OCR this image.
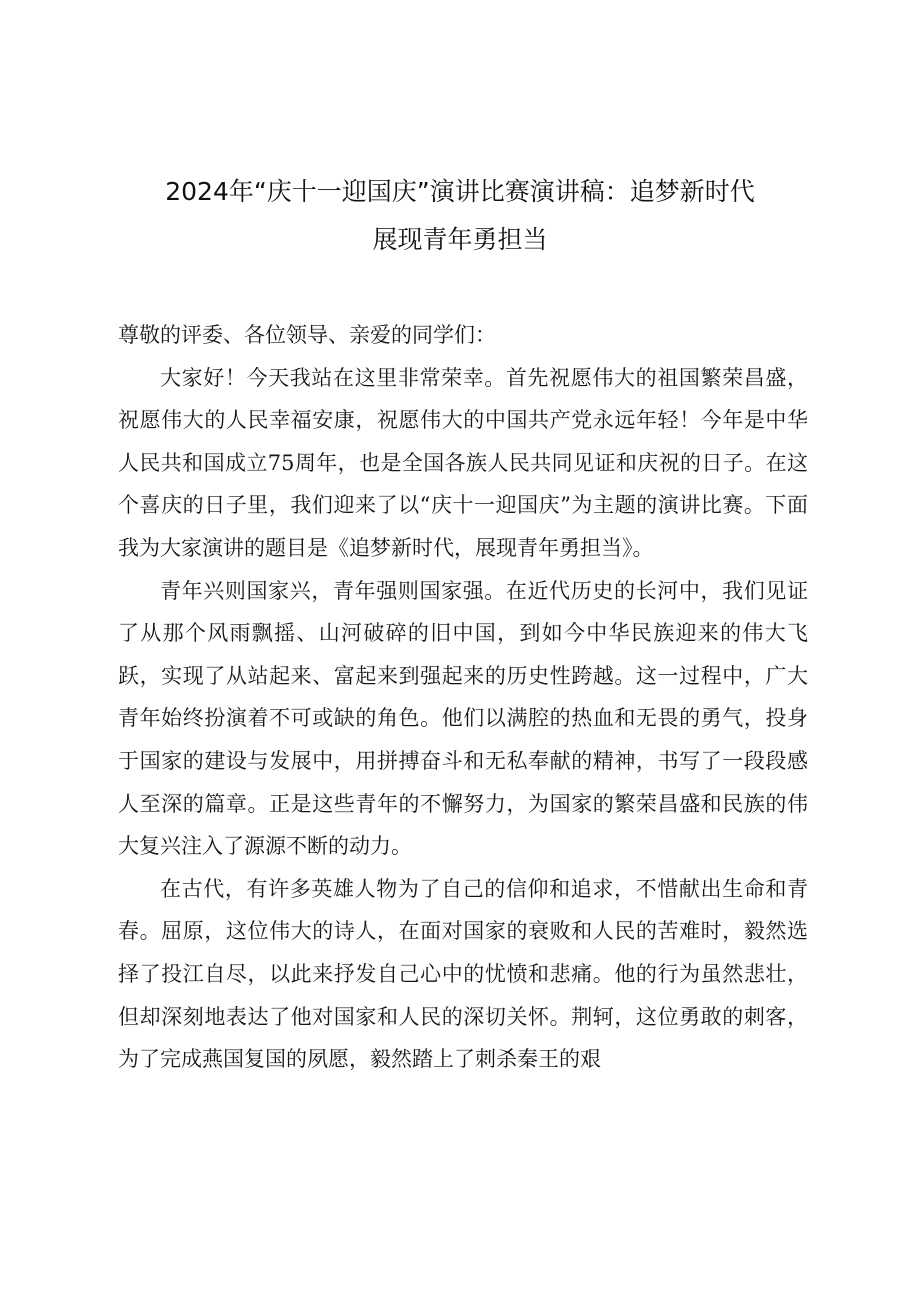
2024年“庆十一迎国庆”演讲比赛演讲稿：追梦新时代
展现青年勇担当

尊敬的评委、各位领导、亲爱的同学们：

大家好！今天我站在这里非常荣幸。首先祝愿伟大的祖国繁荣昌盛，祝愿伟大的人民幸福安康，祝愿伟大的中国共产党永远年轻！今年是中华人民共和国成立75周年，也是全国各族人民共同见证和庆祝的日子。在这个喜庆的日子里，我们迎来了以“庆十一迎国庆”为主题的演讲比赛。下面我为大家演讲的题目是《追梦新时代，展现青年勇担当》。

青年兴则国家兴，青年强则国家强。在近代历史的长河中，我们见证了从那个风雨飘摇、山河破碎的旧中国，到如今中华民族迎来的伟大飞跃，实现了从站起来、富起来到强起来的历史性跨越。这一过程中，广大青年始终扮演着不可或缺的角色。他们以满腔的热血和无畏的勇气，投身于国家的建设与发展中，用拼搏奋斗和无私奉献的精神，书写了一段段感人至深的篇章。正是这些青年的不懈努力，为国家的繁荣昌盛和民族的伟大复兴注入了源源不断的动力。

在古代，有许多英雄人物为了自己的信仰和追求，不惜献出生命和青春。屈原，这位伟大的诗人，在面对国家的衰败和人民的苦难时，毅然选择了投江自尽，以此来抒发自己心中的忧愤和悲痛。他的行为虽然悲壮，但却深刻地表达了他对国家和人民的深切关怀。荆轲，这位勇敢的刺客，为了完成燕国复国的夙愿，毅然踏上了刺杀秦王的艰
